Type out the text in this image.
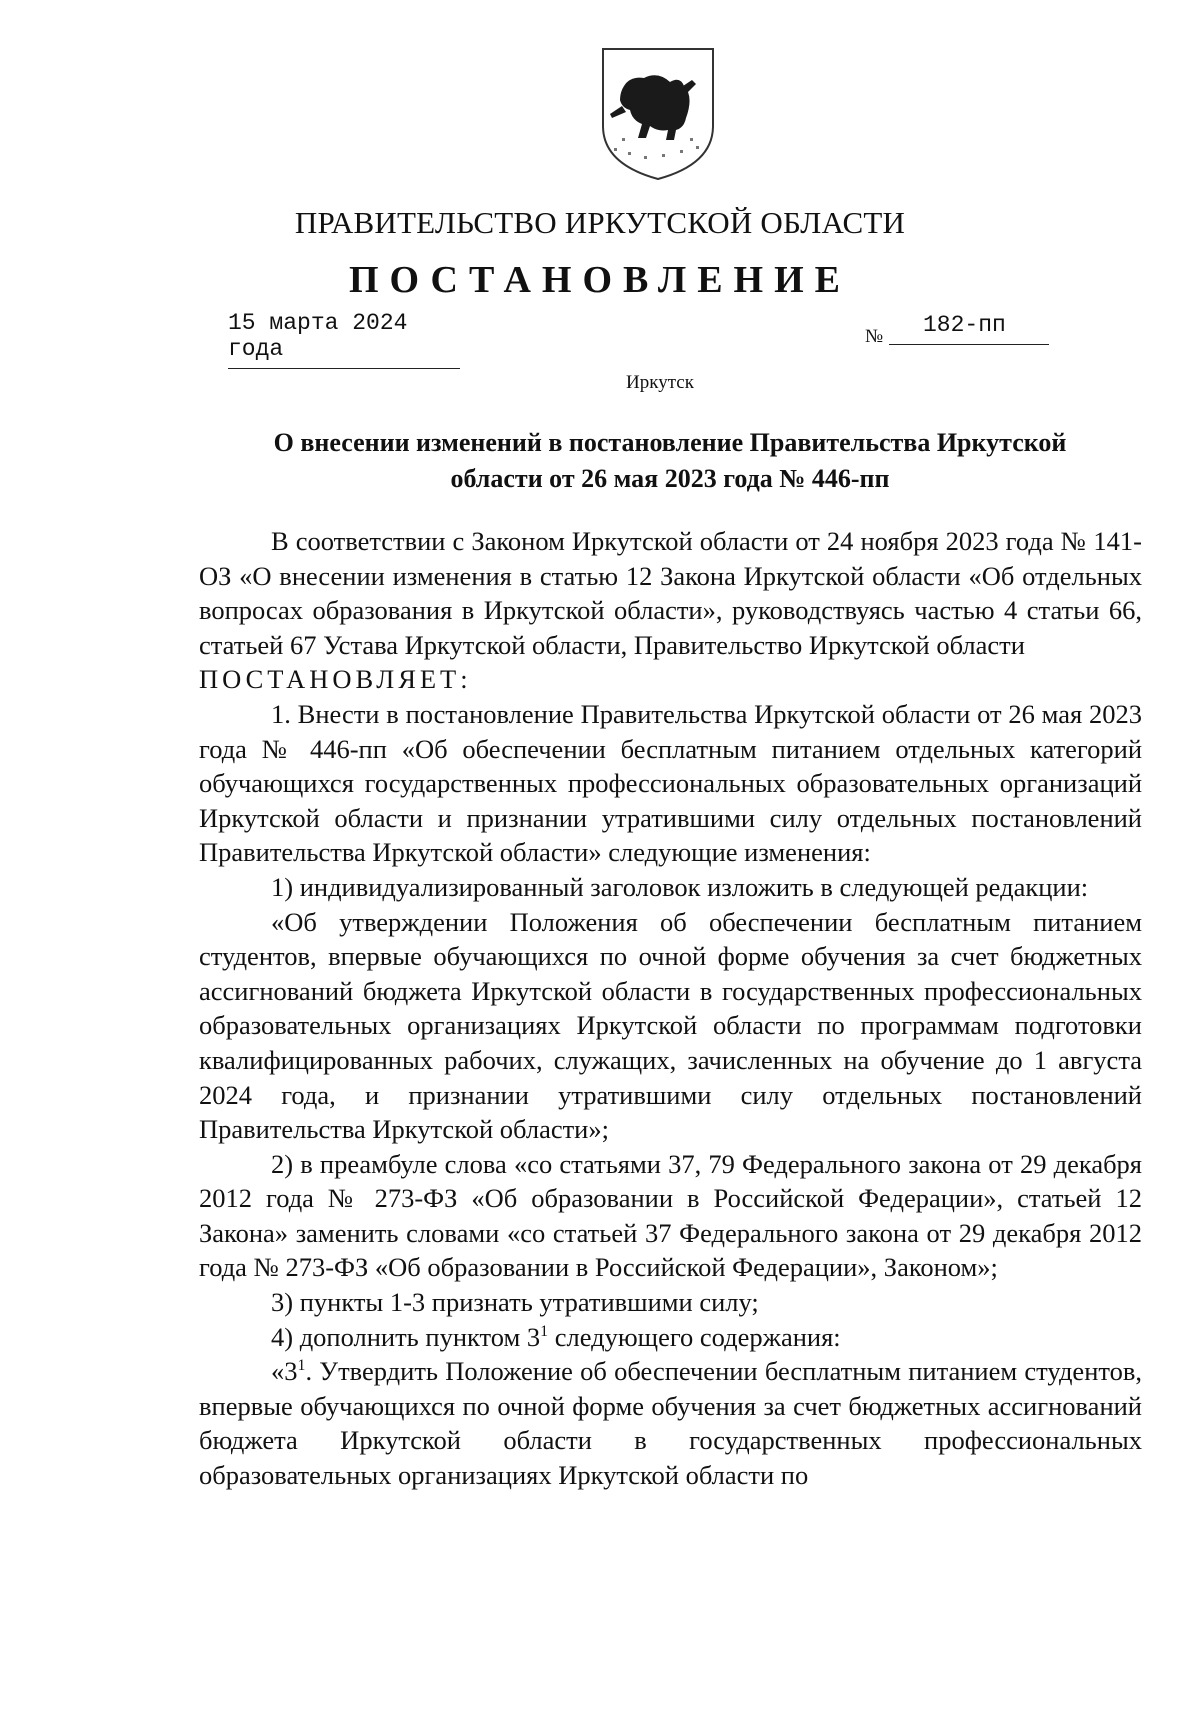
ПРАВИТЕЛЬСТВО ИРКУТСКОЙ ОБЛАСТИ
ПОСТАНОВЛЕНИЕ
15 марта 2024 года	№	182-пп
Иркутск
О внесении изменений в постановление Правительства Иркутской
области от 26 мая 2023 года № 446-пп

В соответствии с Законом Иркутской области от 24 ноября 2023 года № 141-ОЗ «О внесении изменения в статью 12 Закона Иркутской области «Об отдельных вопросах образования в Иркутской области», руководствуясь частью 4 статьи 66, статьей 67 Устава Иркутской области, Правительство Иркутской области

ПОСТАНОВЛЯЕТ:

1. Внести в постановление Правительства Иркутской области от 26 мая 2023 года № 446-пп «Об обеспечении бесплатным питанием отдельных категорий обучающихся государственных профессиональных образовательных организаций Иркутской области и признании утратившими силу отдельных постановлений Правительства Иркутской области» следующие изменения:

1) индивидуализированный заголовок изложить в следующей редакции:

«Об утверждении Положения об обеспечении бесплатным питанием студентов, впервые обучающихся по очной форме обучения за счет бюджетных ассигнований бюджета Иркутской области в государственных профессиональных образовательных организациях Иркутской области по программам подготовки квалифицированных рабочих, служащих, зачисленных на обучение до 1 августа 2024 года, и признании утратившими силу отдельных постановлений Правительства Иркутской области»;

2) в преамбуле слова «со статьями 37, 79 Федерального закона от 29 декабря 2012 года № 273-ФЗ «Об образовании в Российской Федерации», статьей 12 Закона» заменить словами «со статьей 37 Федерального закона от 29 декабря 2012 года № 273-ФЗ «Об образовании в Российской Федерации», Законом»;

3) пункты 1-3 признать утратившими силу;

4) дополнить пунктом $3^1$ следующего содержания:

«$3^1$. Утвердить Положение об обеспечении бесплатным питанием студентов, впервые обучающихся по очной форме обучения за счет бюджетных ассигнований бюджета Иркутской области в государственных профессиональных образовательных организациях Иркутской области по
